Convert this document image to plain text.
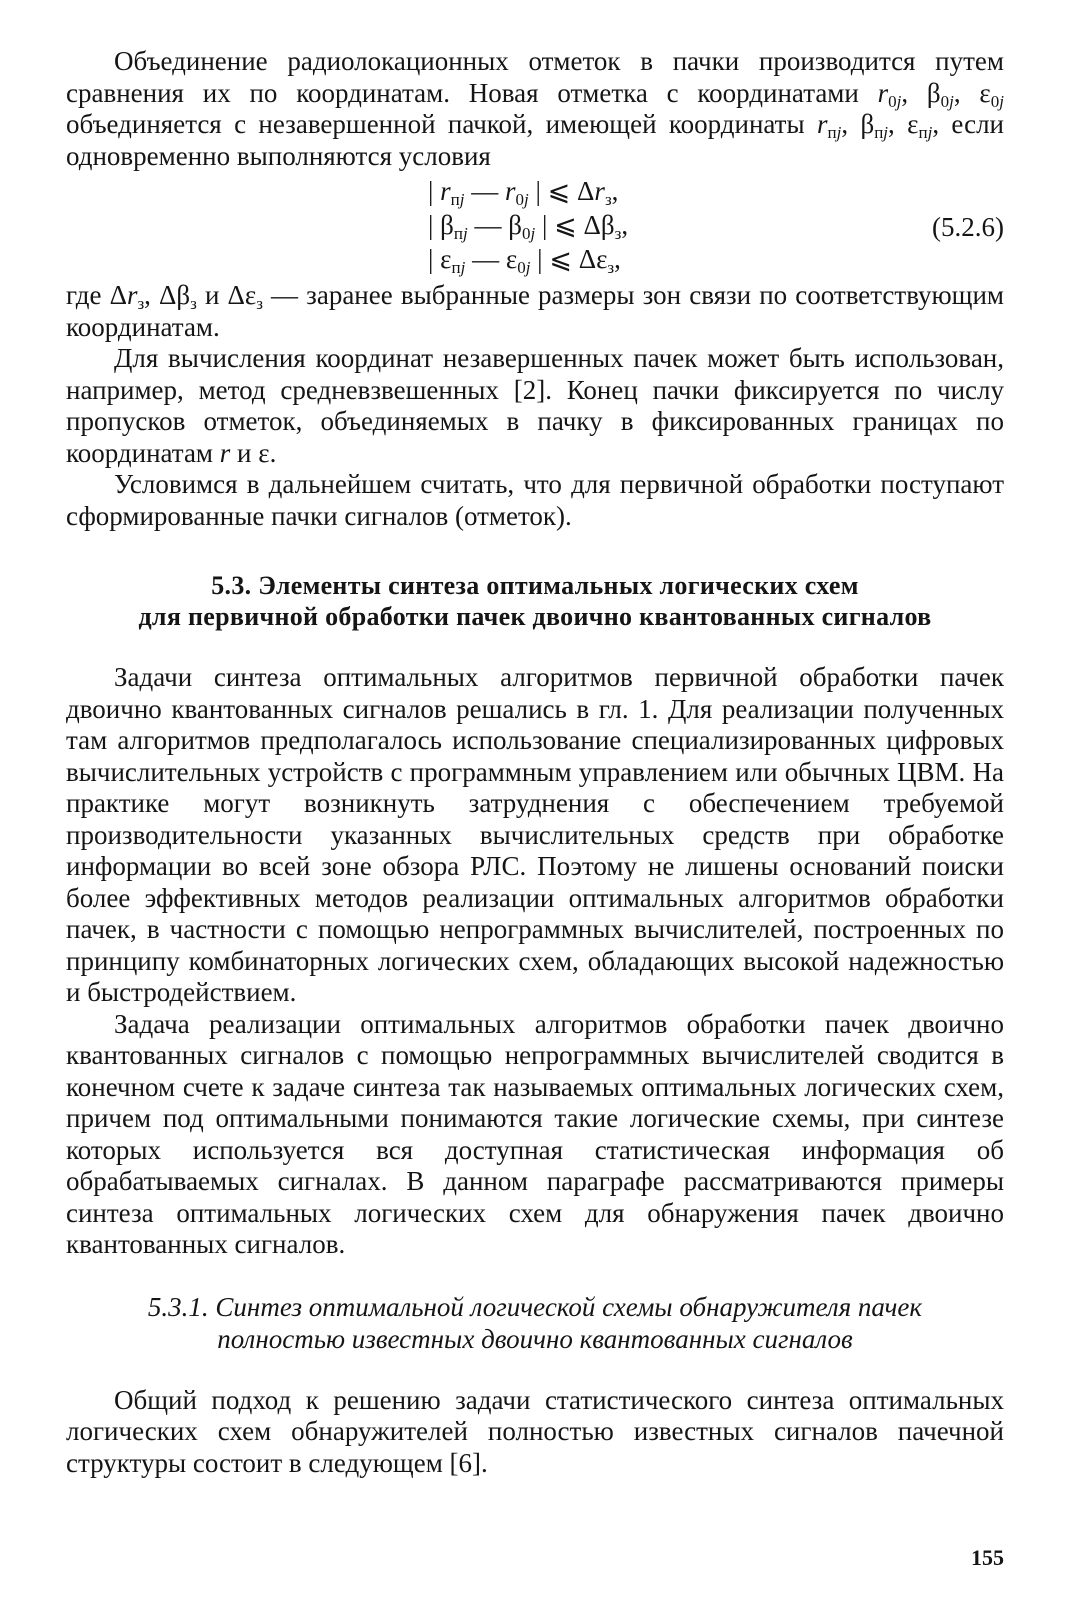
Объединение радиолокационных отметок в пачки производится путем сравнения их по координатам. Новая отметка с координатами $r_{0j}$, $\beta_{0j}$, $\varepsilon_{0j}$ объединяется с незавершенной пачкой, имеющей координаты $r_{пj}$, $\beta_{пj}$, $\varepsilon_{пj}$, если одновременно выполняются условия

| $r_{пj}$ — $r_{0j}$ | ⩽ $\Delta r_з$,
| $\beta_{пj}$ — $\beta_{0j}$ | ⩽ $\Delta\beta_з$,
| $\varepsilon_{пj}$ — $\varepsilon_{0j}$ | ⩽ $\Delta\varepsilon_з$,
(5.2.6)

где $\Delta r_з$, $\Delta\beta_з$ и $\Delta\varepsilon_з$ — заранее выбранные размеры зон связи по соответствующим координатам.

Для вычисления координат незавершенных пачек может быть использован, например, метод средневзвешенных [2]. Конец пачки фиксируется по числу пропусков отметок, объединяемых в пачку в фиксированных границах по координатам r и ε.

Условимся в дальнейшем считать, что для первичной обработки поступают сформированные пачки сигналов (отметок).

5.3. Элементы синтеза оптимальных логических схем
для первичной обработки пачек двоично квантованных сигналов

Задачи синтеза оптимальных алгоритмов первичной обработки пачек двоично квантованных сигналов решались в гл. 1. Для реализации полученных там алгоритмов предполагалось использование специализированных цифровых вычислительных устройств с программным управлением или обычных ЦВМ. На практике могут возникнуть затруднения с обеспечением требуемой производительности указанных вычислительных средств при обработке информации во всей зоне обзора РЛС. Поэтому не лишены оснований поиски более эффективных методов реализации оптимальных алгоритмов обработки пачек, в частности с помощью непрограммных вычислителей, построенных по принципу комбинаторных логических схем, обладающих высокой надежностью и быстродействием.

Задача реализации оптимальных алгоритмов обработки пачек двоично квантованных сигналов с помощью непрограммных вычислителей сводится в конечном счете к задаче синтеза так называемых оптимальных логических схем, причем под оптимальными понимаются такие логические схемы, при синтезе которых используется вся доступная статистическая информация об обрабатываемых сигналах. В данном параграфе рассматриваются примеры синтеза оптимальных логических схем для обнаружения пачек двоично квантованных сигналов.

5.3.1. Синтез оптимальной логической схемы обнаружителя пачек
полностью известных двоично квантованных сигналов

Общий подход к решению задачи статистического синтеза оптимальных логических схем обнаружителей полностью известных сигналов пачечной структуры состоит в следующем [6].

155
